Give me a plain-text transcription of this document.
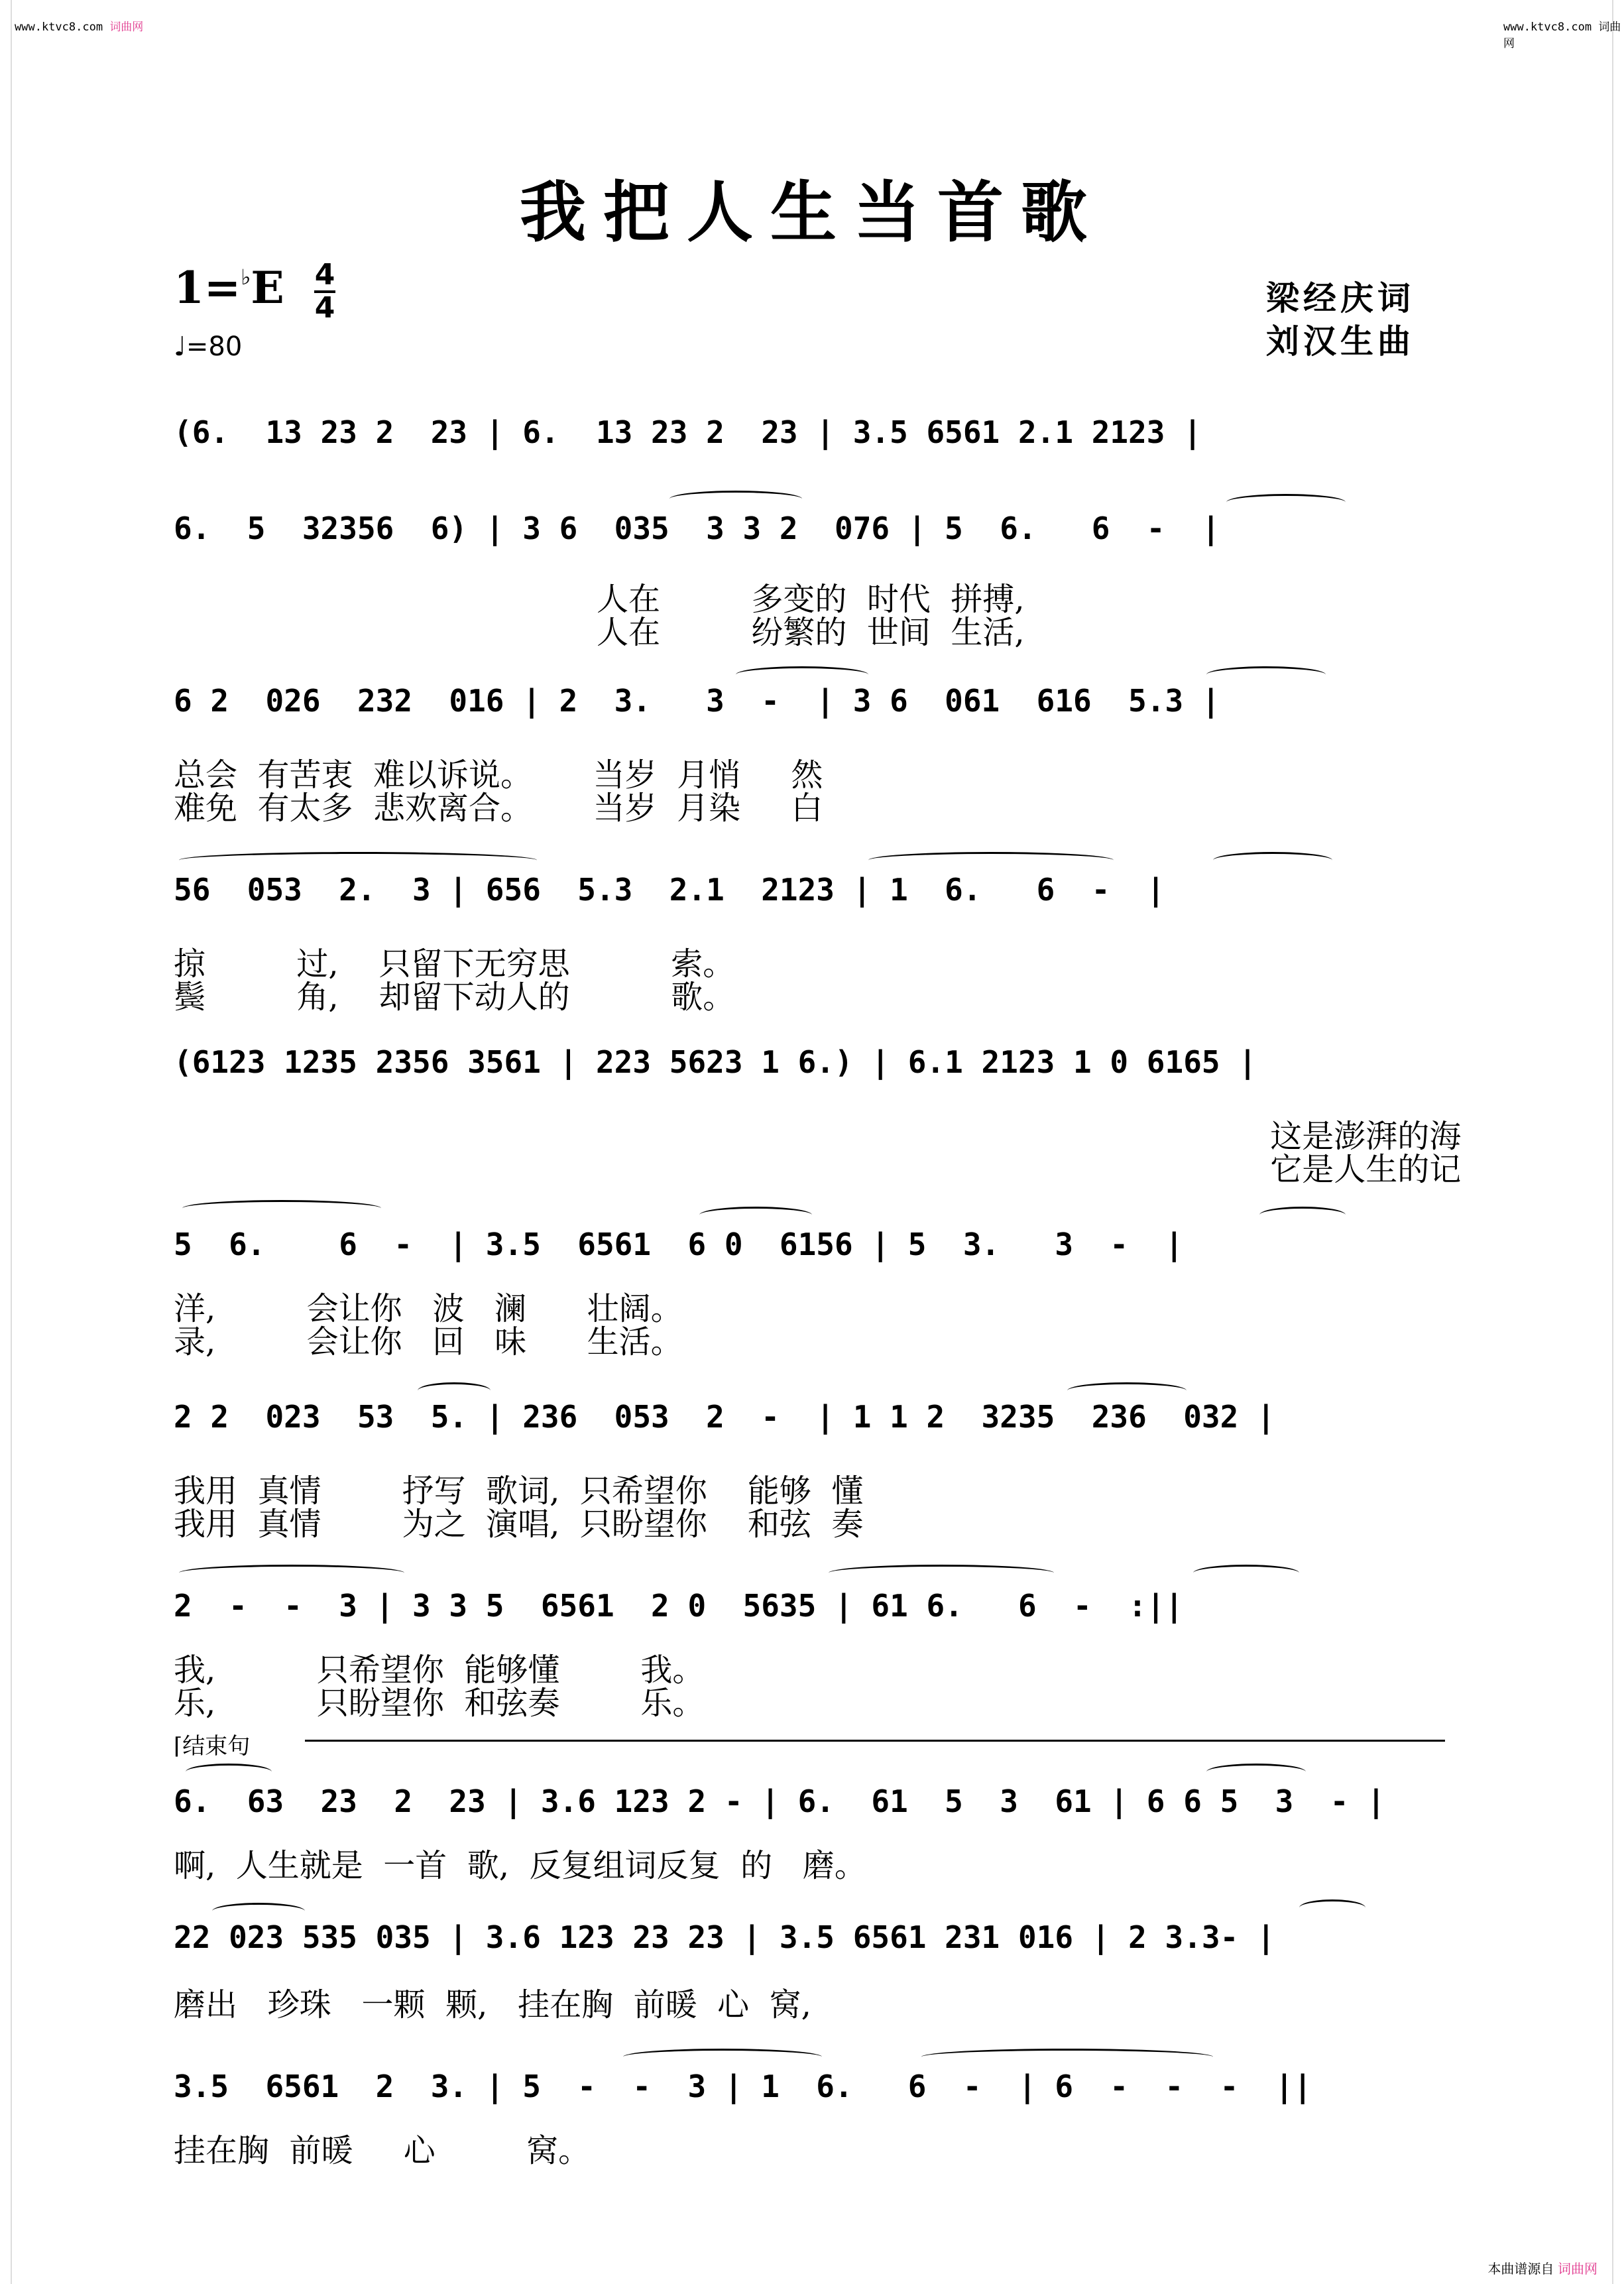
www.ktvc8.com 词曲网	www.ktvc8.com 词曲网
我把人生当首歌
1=♭E 4
4
♩=80
梁经庆词
刘汉生曲
(6.  13 23 2  23 | 6.  13 23 2  23 | 3.5 6561 2.1 2123 |
6.  5  32356  6) | 3 6  035  3 3 2  076 | 5  6.   6  -  |
人在         多变的  时代  拼搏,
人在         纷繁的  世间  生活,
6 2  026  232  016 | 2  3.   3  -  | 3 6  061  616  5.3 |
总会  有苦衷  难以诉说。      当岁  月悄     然
难免  有太多  悲欢离合。      当岁  月染     白
56  053  2.  3 | 656  5.3  2.1  2123 | 1  6.   6  -  |
掠         过,    只留下无穷思          索。
鬓         角,    却留下动人的          歌。
(6123 1235 2356 3561 | 223 5623 1 6.) | 6.1 2123 1 0 6165 |
这是澎湃的海
它是人生的记
5  6.    6  -  | 3.5  6561  6 0  6156 | 5  3.   3  -  |
洋,         会让你   波   澜      壮阔。
录,         会让你   回   味      生活。
2 2  023  53  5. | 236  053  2  -  | 1 1 2  3235  236  032 |
我用  真情        抒写  歌词,  只希望你    能够  懂
我用  真情        为之  演唱,  只盼望你    和弦  奏
2  -  -  3 | 3 3 5  6561  2 0  5635 | 61 6.   6  -  :||
我,          只希望你  能够懂        我。
乐,          只盼望你  和弦奏        乐。
⌈结束句
6.  63  23  2  23 | 3.6 123 2 - | 6.  61  5  3  61 | 6 6 5  3  - |
啊,  人生就是  一首  歌,  反复组词反复  的   磨。
22 023 535 035 | 3.6 123 23 23 | 3.5 6561 231 016 | 2 3.3- |
磨出   珍珠   一颗  颗,   挂在胸  前暖  心  窝,
3.5  6561  2  3. | 5  -  -  3 | 1  6.   6  -  | 6  -  -  -  ||
挂在胸  前暖     心         窝。
本曲谱源自 词曲网
